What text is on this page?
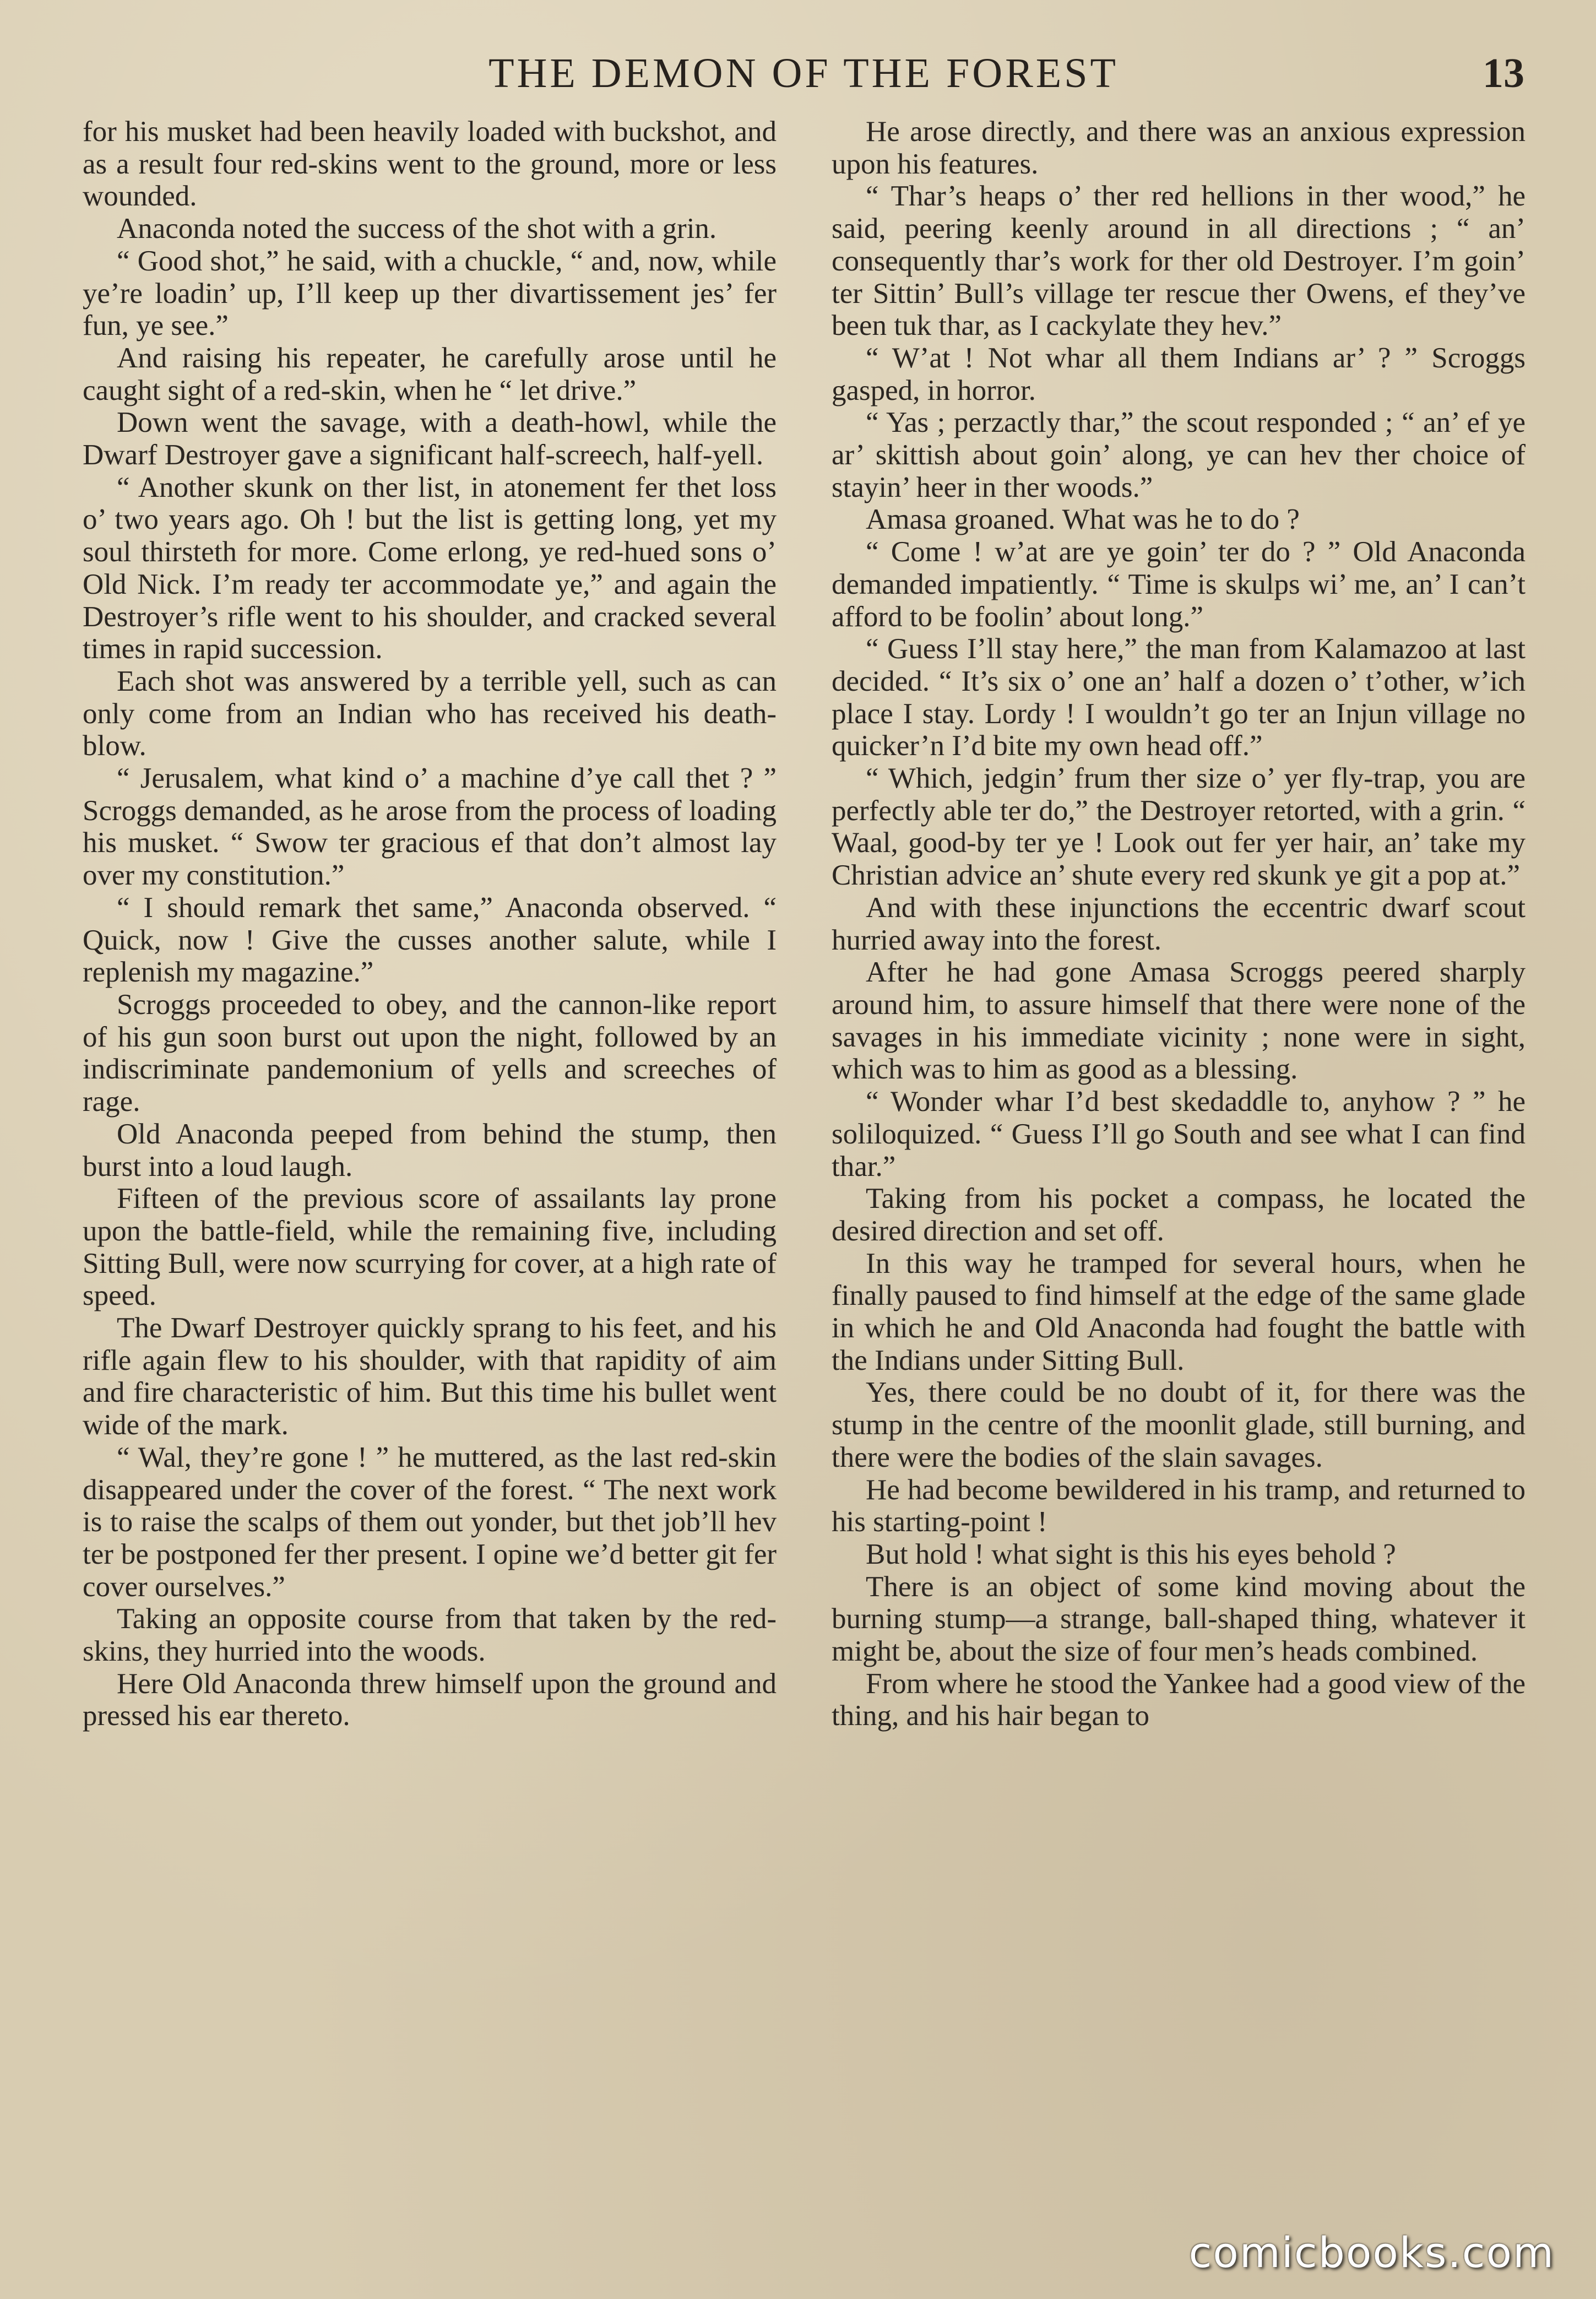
THE DEMON OF THE FOREST	13

for his musket had been heavily loaded with buckshot, and as a result four red-skins went to the ground, more or less wounded.

Anaconda noted the success of the shot with a grin.

“ Good shot,” he said, with a chuckle, “ and, now, while ye’re loadin’ up, I’ll keep up ther divartissement jes’ fer fun, ye see.”

And raising his repeater, he carefully arose until he caught sight of a red-skin, when he “ let drive.”

Down went the savage, with a death-howl, while the Dwarf Destroyer gave a significant half-screech, half-yell.

“ Another skunk on ther list, in atonement fer thet loss o’ two years ago. Oh ! but the list is getting long, yet my soul thirsteth for more. Come erlong, ye red-hued sons o’ Old Nick. I’m ready ter accommodate ye,” and again the Destroyer’s rifle went to his shoulder, and cracked several times in rapid succession.

Each shot was answered by a terrible yell, such as can only come from an Indian who has received his death-blow.

“ Jerusalem, what kind o’ a machine d’ye call thet ? ” Scroggs demanded, as he arose from the process of loading his musket. “ Swow ter gracious ef that don’t almost lay over my constitution.”

“ I should remark thet same,” Anaconda observed. “ Quick, now ! Give the cusses another salute, while I replenish my magazine.”

Scroggs proceeded to obey, and the cannon-like report of his gun soon burst out upon the night, followed by an indiscriminate pandemonium of yells and screeches of rage.

Old Anaconda peeped from behind the stump, then burst into a loud laugh.

Fifteen of the previous score of assailants lay prone upon the battle-field, while the remaining five, including Sitting Bull, were now scurrying for cover, at a high rate of speed.

The Dwarf Destroyer quickly sprang to his feet, and his rifle again flew to his shoulder, with that rapidity of aim and fire characteristic of him. But this time his bullet went wide of the mark.

“ Wal, they’re gone ! ” he muttered, as the last red-skin disappeared under the cover of the forest. “ The next work is to raise the scalps of them out yonder, but thet job’ll hev ter be postponed fer ther present. I opine we’d better git fer cover ourselves.”

Taking an opposite course from that taken by the red-skins, they hurried into the woods.

Here Old Anaconda threw himself upon the ground and pressed his ear thereto.

He arose directly, and there was an anxious expression upon his features.

“ Thar’s heaps o’ ther red hellions in ther wood,” he said, peering keenly around in all directions ; “ an’ consequently thar’s work for ther old Destroyer. I’m goin’ ter Sittin’ Bull’s village ter rescue ther Owens, ef they’ve been tuk thar, as I cackylate they hev.”

“ W’at ! Not whar all them Indians ar’ ? ” Scroggs gasped, in horror.

“ Yas ; perzactly thar,” the scout responded ; “ an’ ef ye ar’ skittish about goin’ along, ye can hev ther choice of stayin’ heer in ther woods.”

Amasa groaned. What was he to do ?

“ Come ! w’at are ye goin’ ter do ? ” Old Anaconda demanded impatiently. “ Time is skulps wi’ me, an’ I can’t afford to be foolin’ about long.”

“ Guess I’ll stay here,” the man from Kalamazoo at last decided. “ It’s six o’ one an’ half a dozen o’ t’other, w’ich place I stay. Lordy ! I wouldn’t go ter an Injun village no quicker’n I’d bite my own head off.”

“ Which, jedgin’ frum ther size o’ yer fly-trap, you are perfectly able ter do,” the Destroyer retorted, with a grin. “ Waal, good-by ter ye ! Look out fer yer hair, an’ take my Christian advice an’ shute every red skunk ye git a pop at.”

And with these injunctions the eccentric dwarf scout hurried away into the forest.

After he had gone Amasa Scroggs peered sharply around him, to assure himself that there were none of the savages in his immediate vicinity ; none were in sight, which was to him as good as a blessing.

“ Wonder whar I’d best skedaddle to, anyhow ? ” he soliloquized. “ Guess I’ll go South and see what I can find thar.”

Taking from his pocket a compass, he located the desired direction and set off.

In this way he tramped for several hours, when he finally paused to find himself at the edge of the same glade in which he and Old Anaconda had fought the battle with the Indians under Sitting Bull.

Yes, there could be no doubt of it, for there was the stump in the centre of the moonlit glade, still burning, and there were the bodies of the slain savages.

He had become bewildered in his tramp, and returned to his starting-point !

But hold ! what sight is this his eyes behold ?

There is an object of some kind moving about the burning stump—a strange, ball-shaped thing, whatever it might be, about the size of four men’s heads combined.

From where he stood the Yankee had a good view of the thing, and his hair began to

comicbooks.com
